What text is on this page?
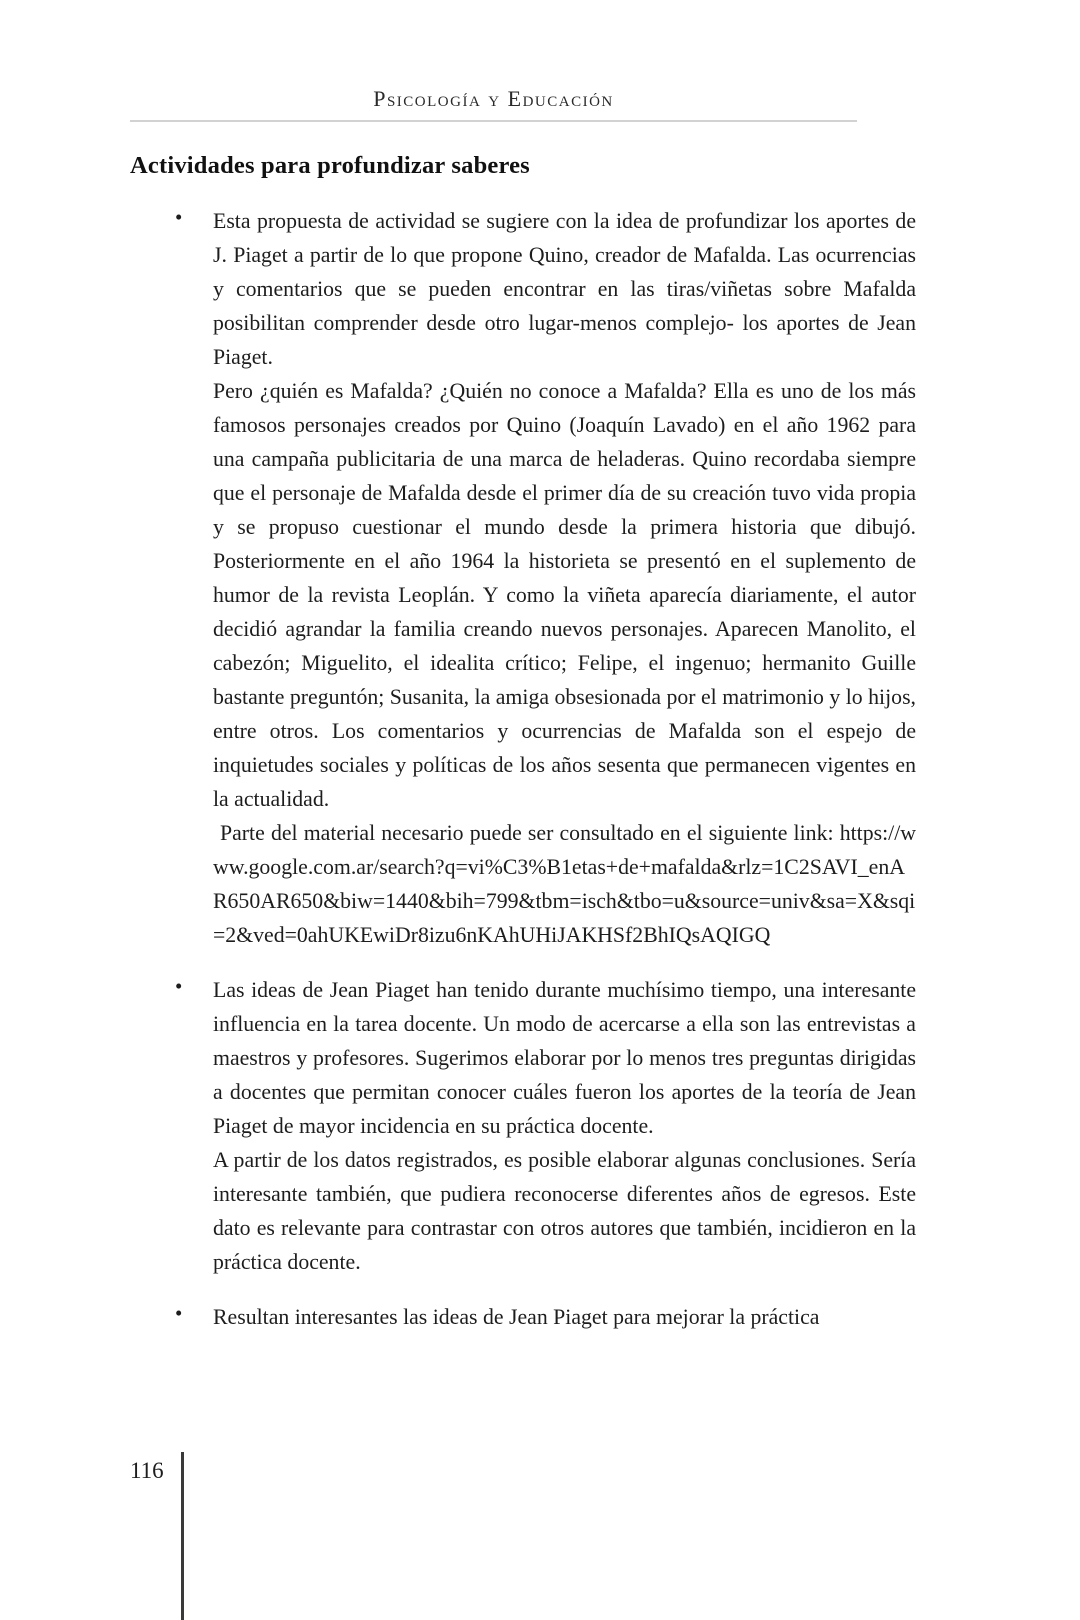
Psicología y Educación
Actividades para profundizar saberes
• Esta propuesta de actividad se sugiere con la idea de profundizar los aportes de J. Piaget a partir de lo que propone Quino, creador de Mafalda. Las ocurrencias y comentarios que se pueden encontrar en las tiras/viñetas sobre Mafalda posibilitan comprender desde otro lugar-menos complejo- los aportes de Jean Piaget.

Pero ¿quién es Mafalda? ¿Quién no conoce a Mafalda? Ella es uno de los más famosos personajes creados por Quino (Joaquín Lavado) en el año 1962 para una campaña publicitaria de una marca de heladeras. Quino recordaba siempre que el personaje de Mafalda desde el primer día de su creación tuvo vida propia y se propuso cuestionar el mundo desde la primera historia que dibujó. Posteriormente en el año 1964 la historieta se presentó en el suplemento de humor de la revista Leoplán. Y como la viñeta aparecía diariamente, el autor decidió agrandar la familia creando nuevos personajes. Aparecen Manolito, el cabezón; Miguelito, el idealita crítico; Felipe, el ingenuo; hermanito Guille bastante preguntón; Susanita, la amiga obsesionada por el matrimonio y lo hijos, entre otros. Los comentarios y ocurrencias de Mafalda son el espejo de inquietudes sociales y políticas de los años sesenta que permanecen vigentes en la actualidad.

Parte del material necesario puede ser consultado en el siguiente link: https://www.google.com.ar/search?q=vi%C3%B1etas+de+mafalda&rlz=1C2SAVI_enAR650AR650&biw=1440&bih=799&tbm=isch&tbo=u&source=univ&sa=X&sqi=2&ved=0ahUKEwiDr8izu6nKAhUHiJAKHSf2BhIQsAQIGQ

• Las ideas de Jean Piaget han tenido durante muchísimo tiempo, una interesante influencia en la tarea docente. Un modo de acercarse a ella son las entrevistas a maestros y profesores. Sugerimos elaborar por lo menos tres preguntas dirigidas a docentes que permitan conocer cuáles fueron los aportes de la teoría de Jean Piaget de mayor incidencia en su práctica docente.

A partir de los datos registrados, es posible elaborar algunas conclusiones. Sería interesante también, que pudiera reconocerse diferentes años de egresos. Este dato es relevante para contrastar con otros autores que también, incidieron en la práctica docente.

• Resultan interesantes las ideas de Jean Piaget para mejorar la práctica

116
